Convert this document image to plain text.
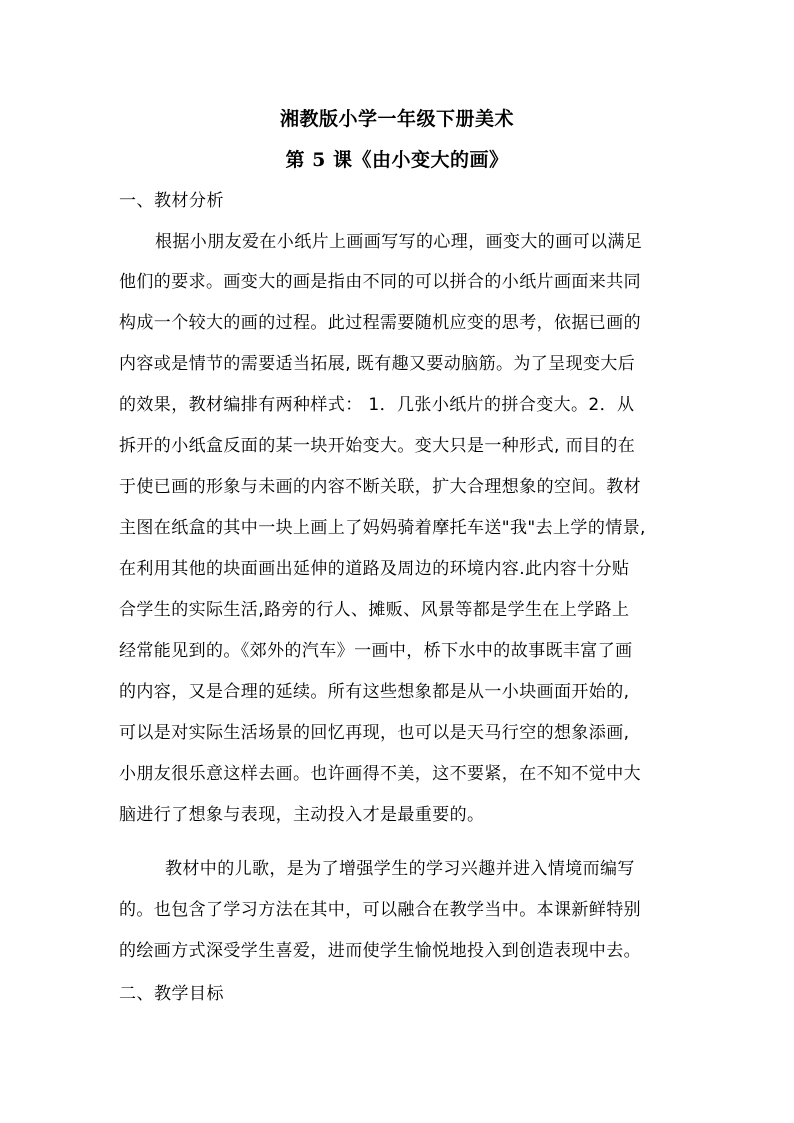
湘教版小学一年级下册美术
第 5 课《由小变大的画》
一、教材分析
根据小朋友爱在小纸片上画画写写的心理，画变大的画可以满足
他们的要求。画变大的画是指由不同的可以拼合的小纸片画面来共同
构成一个较大的画的过程。此过程需要随机应变的思考，依据已画的
内容或是情节的需要适当拓展, 既有趣又要动脑筋。为了呈现变大后
的效果，教材编排有两种样式： 1．几张小纸片的拼合变大。2．从
拆开的小纸盒反面的某一块开始变大。变大只是一种形式, 而目的在
于使已画的形象与未画的内容不断关联，扩大合理想象的空间。教材
主图在纸盒的其中一块上画上了妈妈骑着摩托车送"我"去上学的情景,
在利用其他的块面画出延伸的道路及周边的环境内容.此内容十分贴
合学生的实际生活,路旁的行人、摊贩、风景等都是学生在上学路上
经常能见到的。《郊外的汽车》一画中，桥下水中的故事既丰富了画
的内容，又是合理的延续。所有这些想象都是从一小块画面开始的,
可以是对实际生活场景的回忆再现，也可以是天马行空的想象添画,
小朋友很乐意这样去画。也许画得不美，这不要紧，在不知不觉中大
脑进行了想象与表现，主动投入才是最重要的。
教材中的儿歌，是为了增强学生的学习兴趣并进入情境而编写
的。也包含了学习方法在其中，可以融合在教学当中。本课新鲜特别
的绘画方式深受学生喜爱，进而使学生愉悦地投入到创造表现中去。
二、教学目标
